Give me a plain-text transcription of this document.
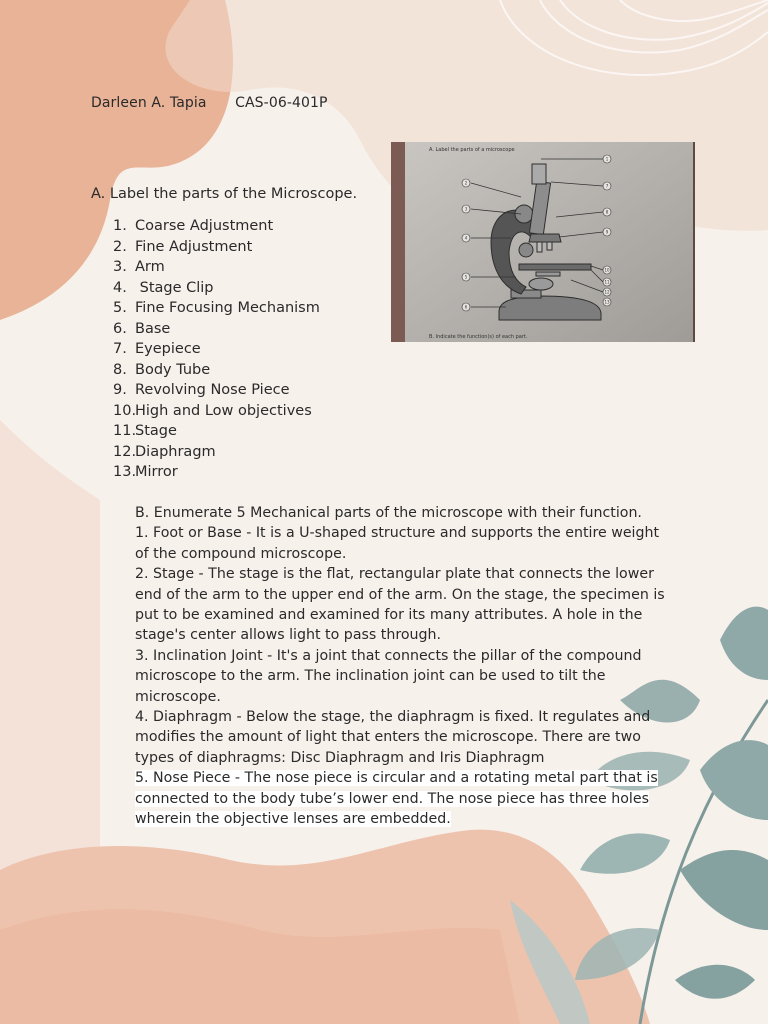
Darleen A. Tapia CAS-06-401P
A. Label the parts of the Microscope.
1. Coarse Adjustment
2. Fine Adjustment
3. Arm
4. Stage Clip
5. Fine Focusing Mechanism
6. Base
7. Eyepiece
8. Body Tube
9. Revolving Nose Piece
10.High and Low objectives
11.Stage
12.Diaphragm
13.Mirror
A. Label the parts of a microscope
B. Indicate the function(s) of each part.
1
2
3
4
5
6
7
8
9
10
11
12
13

B. Enumerate 5 Mechanical parts of the microscope with their function.

1. Foot or Base - It is a U-shaped structure and supports the entire weight of the compound microscope.

2. Stage - The stage is the flat, rectangular plate that connects the lower end of the arm to the upper end of the arm. On the stage, the specimen is put to be examined and examined for its many attributes. A hole in the stage's center allows light to pass through.

3. Inclination Joint - It's a joint that connects the pillar of the compound microscope to the arm. The inclination joint can be used to tilt the microscope.

4. Diaphragm - Below the stage, the diaphragm is fixed. It regulates and modifies the amount of light that enters the microscope. There are two types of diaphragms: Disc Diaphragm and Iris Diaphragm

5. Nose Piece - The nose piece is circular and a rotating metal part that is connected to the body tube’s lower end. The nose piece has three holes wherein the objective lenses are embedded.
